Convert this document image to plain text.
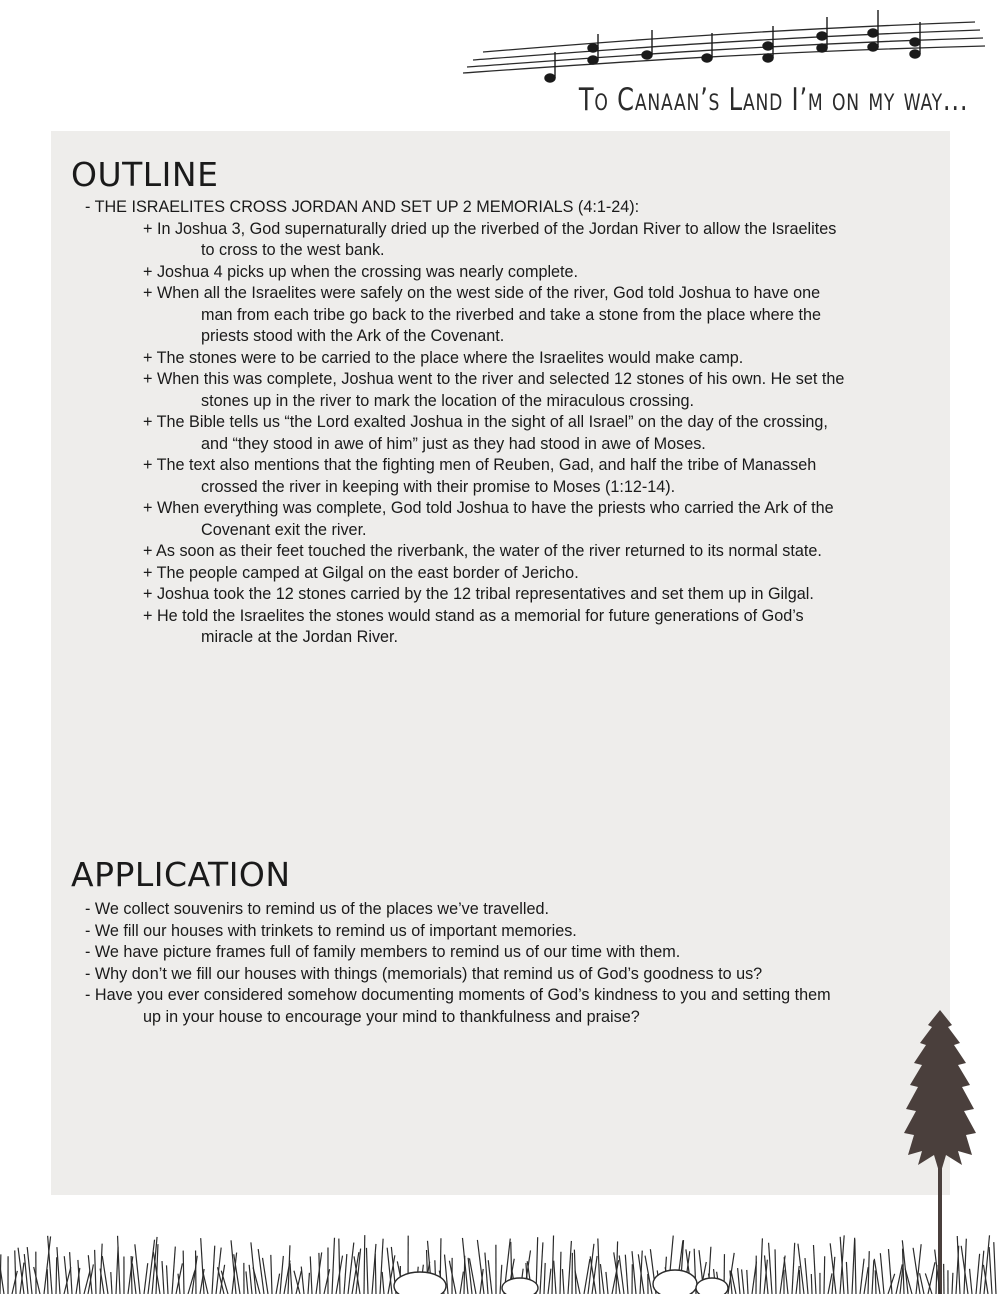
To Canaan’s Land I’m on my way...
OUTLINE

- THE ISRAELITES CROSS JORDAN AND SET UP 2 MEMORIALS (4:1-24):

+ In Joshua 3, God supernaturally dried up the riverbed of the Jordan River to allow the Israelites
to cross to the west bank.

+ Joshua 4 picks up when the crossing was nearly complete.

+ When all the Israelites were safely on the west side of the river, God told Joshua to have one
man from each tribe go back to the riverbed and take a stone from the place where the
priests stood with the Ark of the Covenant.

+ The stones were to be carried to the place where the Israelites would make camp.

+ When this was complete, Joshua went to the river and selected 12 stones of his own. He set the
stones up in the river to mark the location of the miraculous crossing.

+ The Bible tells us “the Lord exalted Joshua in the sight of all Israel” on the day of the crossing,
and “they stood in awe of him” just as they had stood in awe of Moses.

+ The text also mentions that the fighting men of Reuben, Gad, and half the tribe of Manasseh
crossed the river in keeping with their promise to Moses (1:12-14).

+ When everything was complete, God told Joshua to have the priests who carried the Ark of the
Covenant exit the river.

+ As soon as their feet touched the riverbank, the water of the river returned to its normal state.

+ The people camped at Gilgal on the east border of Jericho.

+ Joshua took the 12 stones carried by the 12 tribal representatives and set them up in Gilgal.

+ He told the Israelites the stones would stand as a memorial for future generations of God’s
miracle at the Jordan River.

APPLICATION

- We collect souvenirs to remind us of the places we’ve travelled.

- We fill our houses with trinkets to remind us of important memories.

- We have picture frames full of family members to remind us of our time with them.

- Why don’t we fill our houses with things (memorials) that remind us of God’s goodness to us?

- Have you ever considered somehow documenting moments of God’s kindness to you and setting them
up in your house to encourage your mind to thankfulness and praise?
